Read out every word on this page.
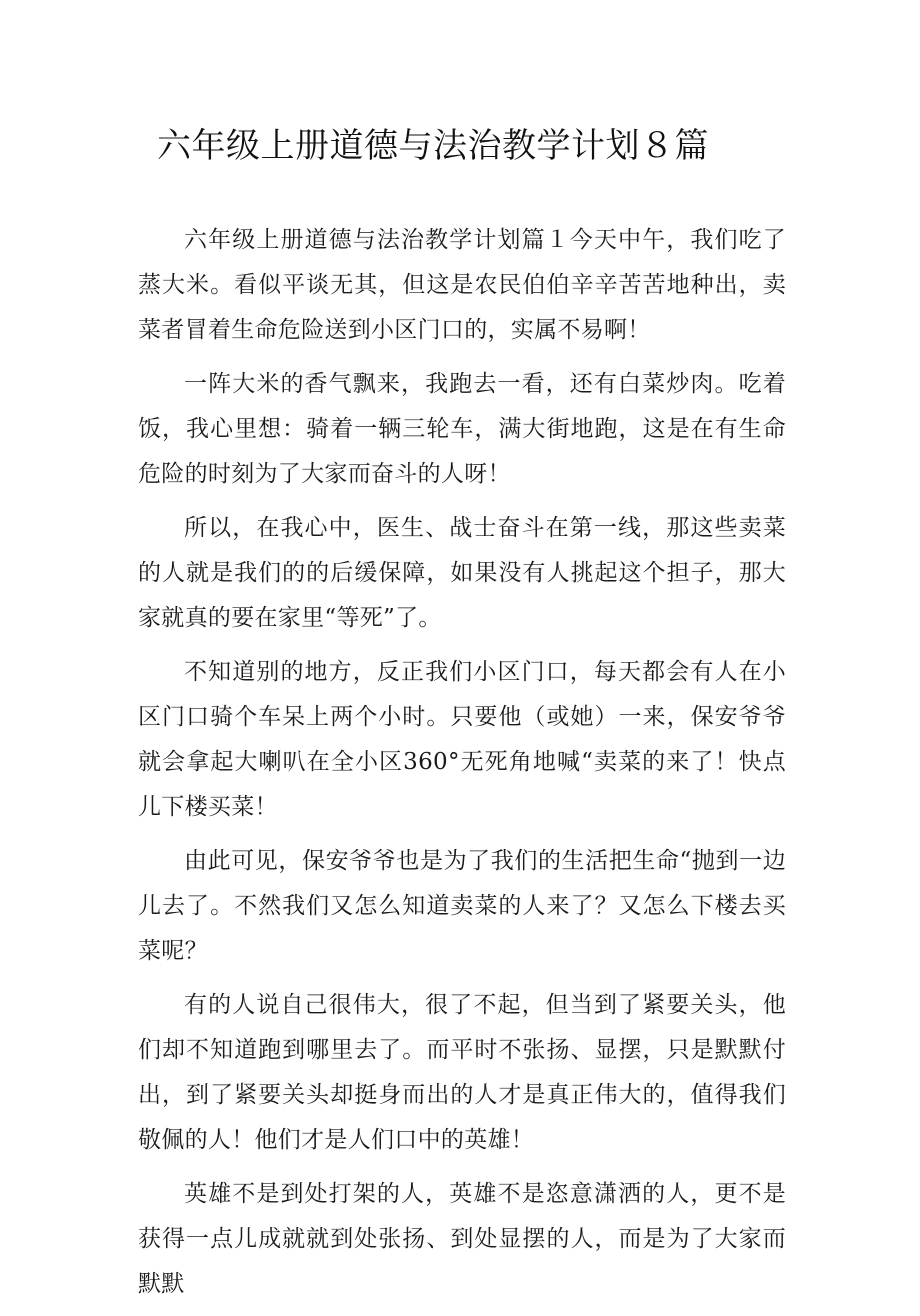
六年级上册道德与法治教学计划８篇

六年级上册道德与法治教学计划篇１今天中午，我们吃了蒸大米。看似平谈无其，但这是农民伯伯辛辛苦苦地种出，卖菜者冒着生命危险送到小区门口的，实属不易啊！

一阵大米的香气飘来，我跑去一看，还有白菜炒肉。吃着饭，我心里想：骑着一辆三轮车，满大街地跑，这是在有生命危险的时刻为了大家而奋斗的人呀！

所以，在我心中，医生、战士奋斗在第一线，那这些卖菜的人就是我们的的后缓保障，如果没有人挑起这个担子，那大家就真的要在家里“等死”了。

不知道别的地方，反正我们小区门口，每天都会有人在小区门口骑个车呆上两个小时。只要他（或她）一来，保安爷爷就会拿起大喇叭在全小区360°无死角地喊“卖菜的来了！快点儿下楼买菜！

由此可见，保安爷爷也是为了我们的生活把生命“抛到一边儿去了。不然我们又怎么知道卖菜的人来了？又怎么下楼去买菜呢？

有的人说自己很伟大，很了不起，但当到了紧要关头，他们却不知道跑到哪里去了。而平时不张扬、显摆，只是默默付出，到了紧要关头却挺身而出的人才是真正伟大的，值得我们敬佩的人！他们才是人们口中的英雄！

英雄不是到处打架的人，英雄不是恣意潇洒的人，更不是获得一点儿成就就到处张扬、到处显摆的人，而是为了大家而默默
